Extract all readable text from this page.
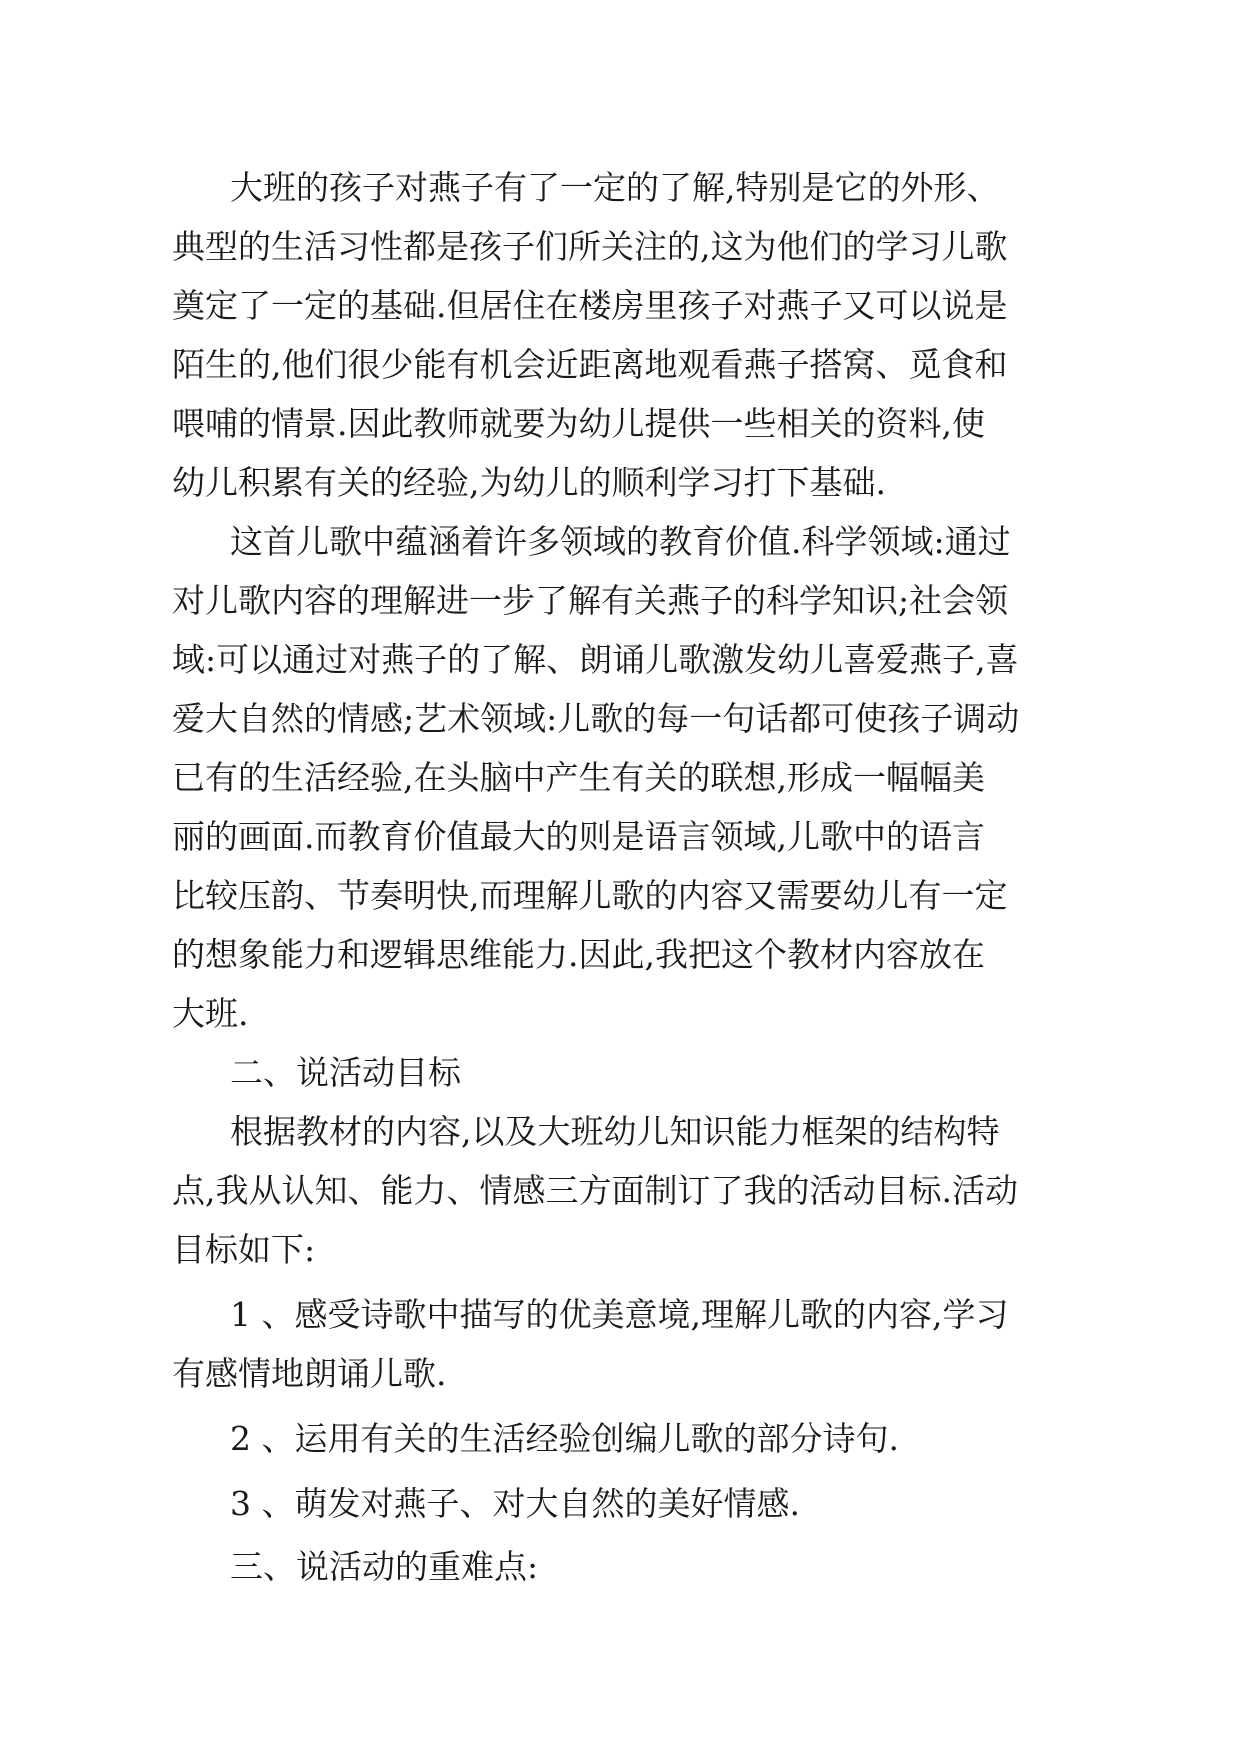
大班的孩子对燕子有了一定的了解,特别是它的外形、
典型的生活习性都是孩子们所关注的,这为他们的学习儿歌
奠定了一定的基础.但居住在楼房里孩子对燕子又可以说是
陌生的,他们很少能有机会近距离地观看燕子搭窝、觅食和
喂哺的情景.因此教师就要为幼儿提供一些相关的资料,使
幼儿积累有关的经验,为幼儿的顺利学习打下基础.
这首儿歌中蕴涵着许多领域的教育价值.科学领域:通过
对儿歌内容的理解进一步了解有关燕子的科学知识;社会领
域:可以通过对燕子的了解、朗诵儿歌激发幼儿喜爱燕子,喜
爱大自然的情感;艺术领域:儿歌的每一句话都可使孩子调动
已有的生活经验,在头脑中产生有关的联想,形成一幅幅美
丽的画面.而教育价值最大的则是语言领域,儿歌中的语言
比较压韵、节奏明快,而理解儿歌的内容又需要幼儿有一定
的想象能力和逻辑思维能力.因此,我把这个教材内容放在
大班.
二、说活动目标
根据教材的内容,以及大班幼儿知识能力框架的结构特
点,我从认知、能力、情感三方面制订了我的活动目标.活动
目标如下:
1 、感受诗歌中描写的优美意境,理解儿歌的内容,学习
有感情地朗诵儿歌.
2 、运用有关的生活经验创编儿歌的部分诗句.
3 、萌发对燕子、对大自然的美好情感.
三、说活动的重难点:
